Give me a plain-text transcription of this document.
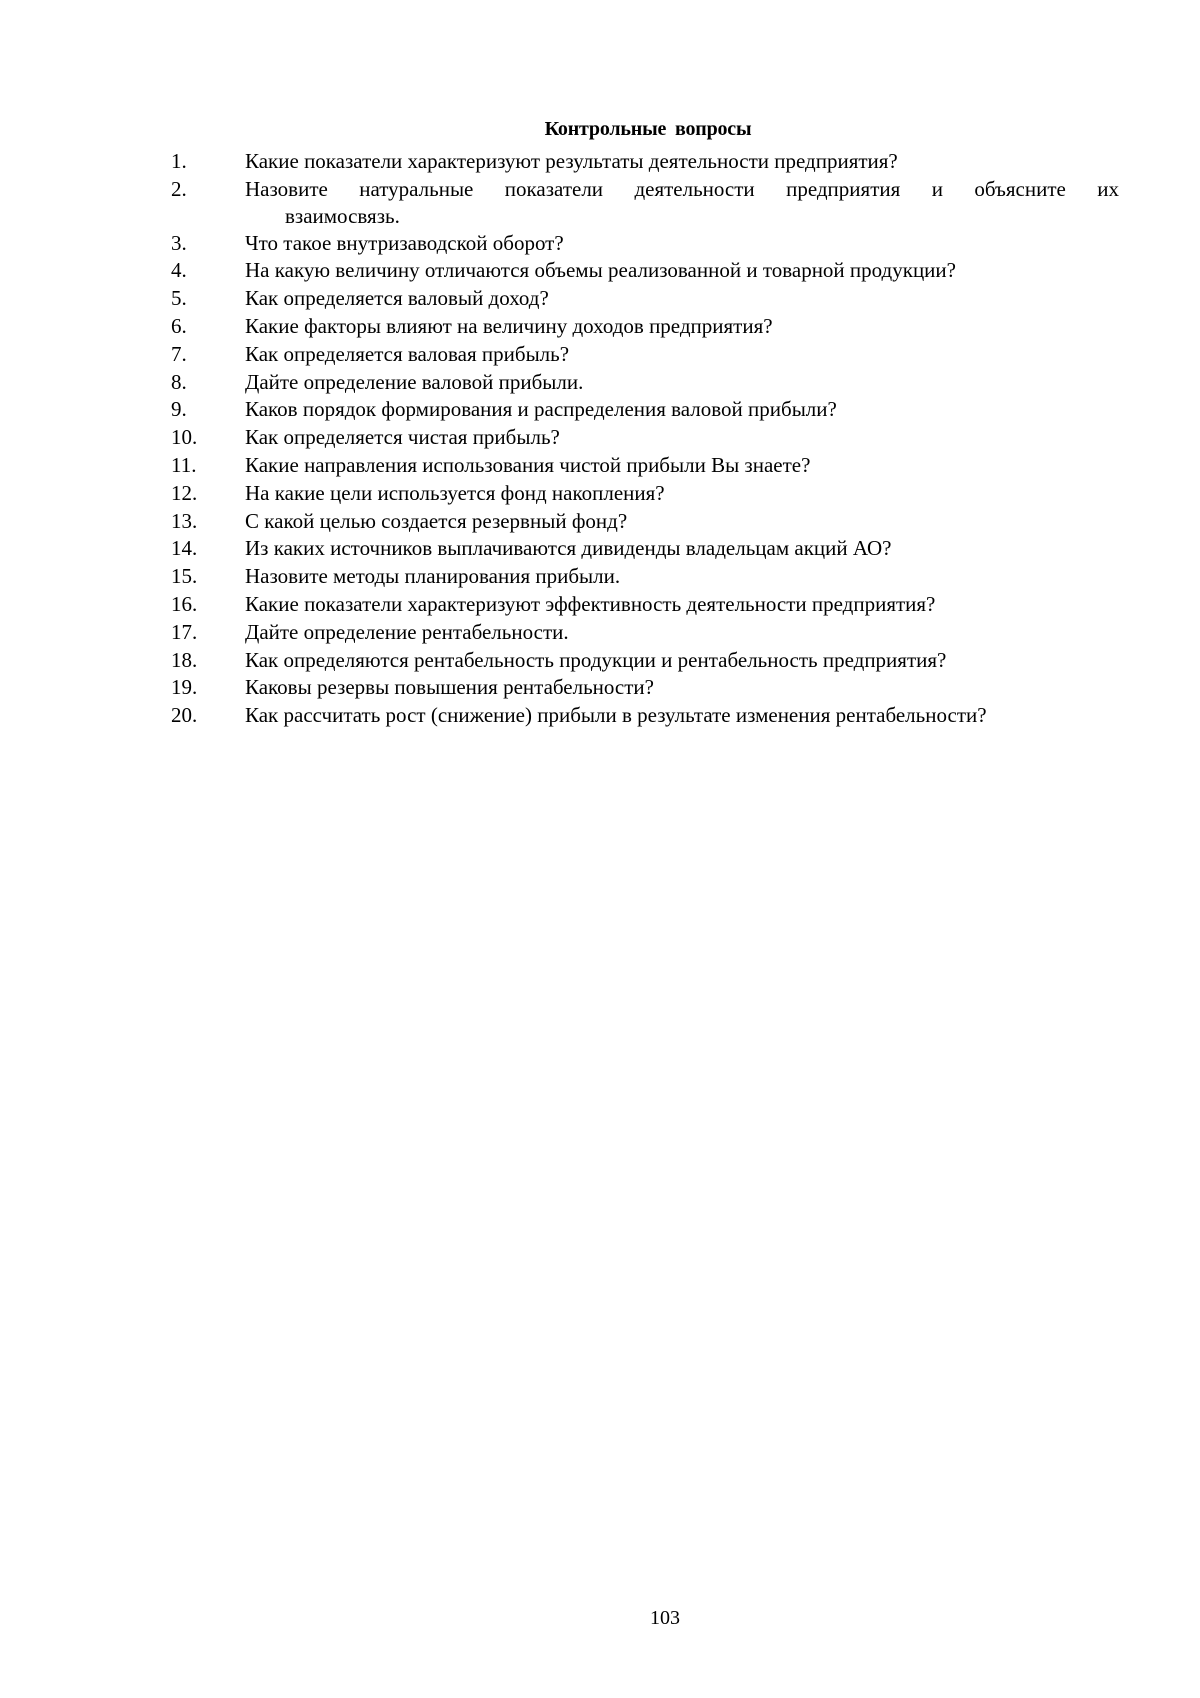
Контрольные вопросы
1.	Какие показатели характеризуют результаты деятельности предприятия?
2.	Назовите натуральные показатели деятельности предприятия и объясните их
взаимосвязь.
3.	Что такое внутризаводской оборот?
4.	На какую величину отличаются объемы реализованной и товарной продукции?
5.	Как определяется валовый доход?
6.	Какие факторы влияют на величину доходов предприятия?
7.	Как определяется валовая прибыль?
8.	Дайте определение валовой прибыли.
9.	Каков порядок формирования и распределения валовой прибыли?
10.	Как определяется чистая прибыль?
11.	Какие направления использования чистой прибыли Вы знаете?
12.	На какие цели используется фонд накопления?
13.	С какой целью создается резервный фонд?
14.	Из каких источников выплачиваются дивиденды владельцам акций АО?
15.	Назовите методы планирования прибыли.
16.	Какие показатели характеризуют эффективность деятельности предприятия?
17.	Дайте определение рентабельности.
18.	Как определяются рентабельность продукции и рентабельность предприятия?
19.	Каковы резервы повышения рентабельности?
20.	Как рассчитать рост (снижение) прибыли в результате изменения рентабельности?
103
